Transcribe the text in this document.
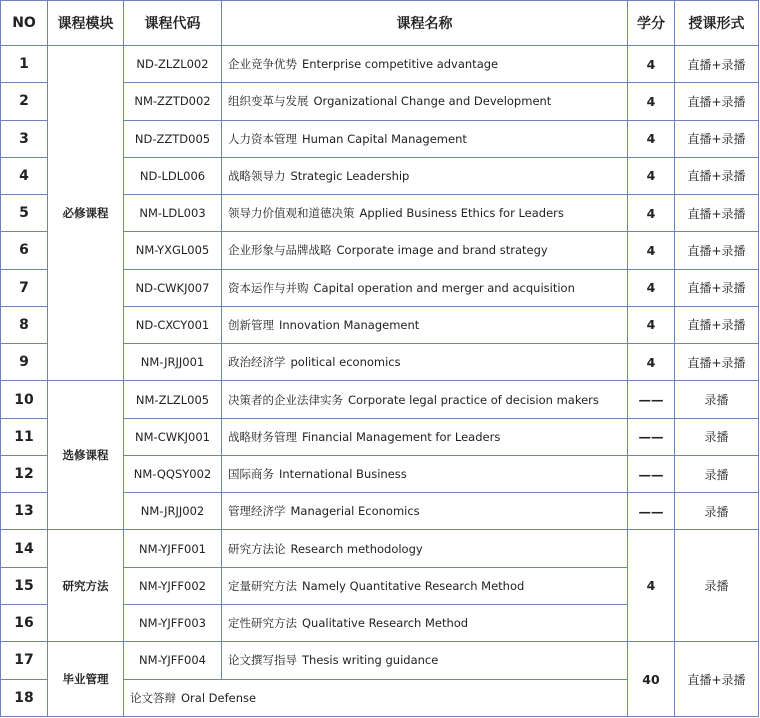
NO	课程模块	课程代码	课程名称	学分	授课形式
1	必修课程	ND-ZLZL002	企业竞争优势 Enterprise competitive advantage	4	直播+录播
2		NM-ZZTD002	组织变革与发展 Organizational Change and Development	4	直播+录播
3		ND-ZZTD005	人力资本管理 Human Capital Management	4	直播+录播
4		ND-LDL006	战略领导力 Strategic Leadership	4	直播+录播
5		NM-LDL003	领导力价值观和道德决策 Applied Business Ethics for Leaders	4	直播+录播
6		NM-YXGL005	企业形象与品牌战略 Corporate image and brand strategy	4	直播+录播
7		ND-CWKJ007	资本运作与并购 Capital operation and merger and acquisition	4	直播+录播
8		ND-CXCY001	创新管理 Innovation Management	4	直播+录播
9		NM-JRJJ001	政治经济学 political economics	4	直播+录播
10	选修课程	NM-ZLZL005	决策者的企业法律实务 Corporate legal practice of decision makers	——	录播
11		NM-CWKJ001	战略财务管理 Financial Management for Leaders	——	录播
12		NM-QQSY002	国际商务 International Business	——	录播
13		NM-JRJJ002	管理经济学 Managerial Economics	——	录播
14	研究方法	NM-YJFF001	研究方法论 Research methodology	4	录播
15		NM-YJFF002	定量研究方法 Namely Quantitative Research Method		
16		NM-YJFF003	定性研究方法 Qualitative Research Method		
17	毕业管理	NM-YJFF004	论文撰写指导 Thesis writing guidance	40	直播+录播
18		论文答辩 Oral Defense			
